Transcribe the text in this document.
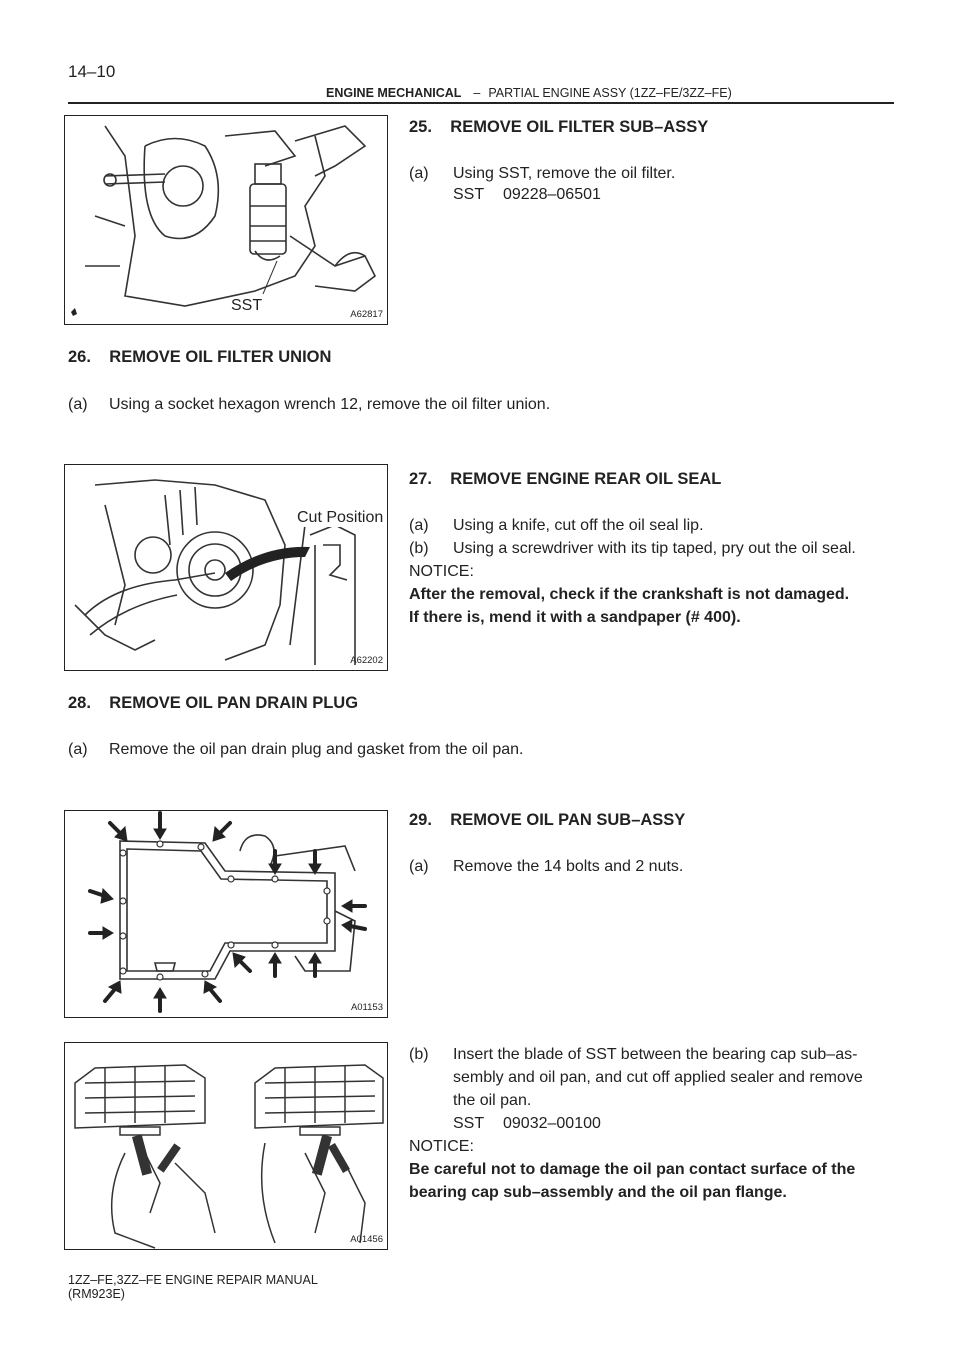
14–10
ENGINE MECHANICAL – PARTIAL ENGINE ASSY (1ZZ–FE/3ZZ–FE)
SST
A62817
25. REMOVE OIL FILTER SUB–ASSY
(a) Using SST, remove the oil filter.
SST 09228–06501
26. REMOVE OIL FILTER UNION
(a) Using a socket hexagon wrench 12, remove the oil filter union.
Cut Position
A62202
27. REMOVE ENGINE REAR OIL SEAL
(a) Using a knife, cut off the oil seal lip.
(b) Using a screwdriver with its tip taped, pry out the oil seal.
NOTICE:
After the removal, check if the crankshaft is not damaged.
If there is, mend it with a sandpaper (# 400).
28. REMOVE OIL PAN DRAIN PLUG
(a) Remove the oil pan drain plug and gasket from the oil pan.
A01153
29. REMOVE OIL PAN SUB–ASSY
(a) Remove the 14 bolts and 2 nuts.
A01456
(b) Insert the blade of SST between the bearing cap sub–as-
sembly and oil pan, and cut off applied sealer and remove
the oil pan.
SST 09032–00100
NOTICE:
Be careful not to damage the oil pan contact surface of the
bearing cap sub–assembly and the oil pan flange.
1ZZ–FE,3ZZ–FE ENGINE REPAIR MANUAL
(RM923E)
